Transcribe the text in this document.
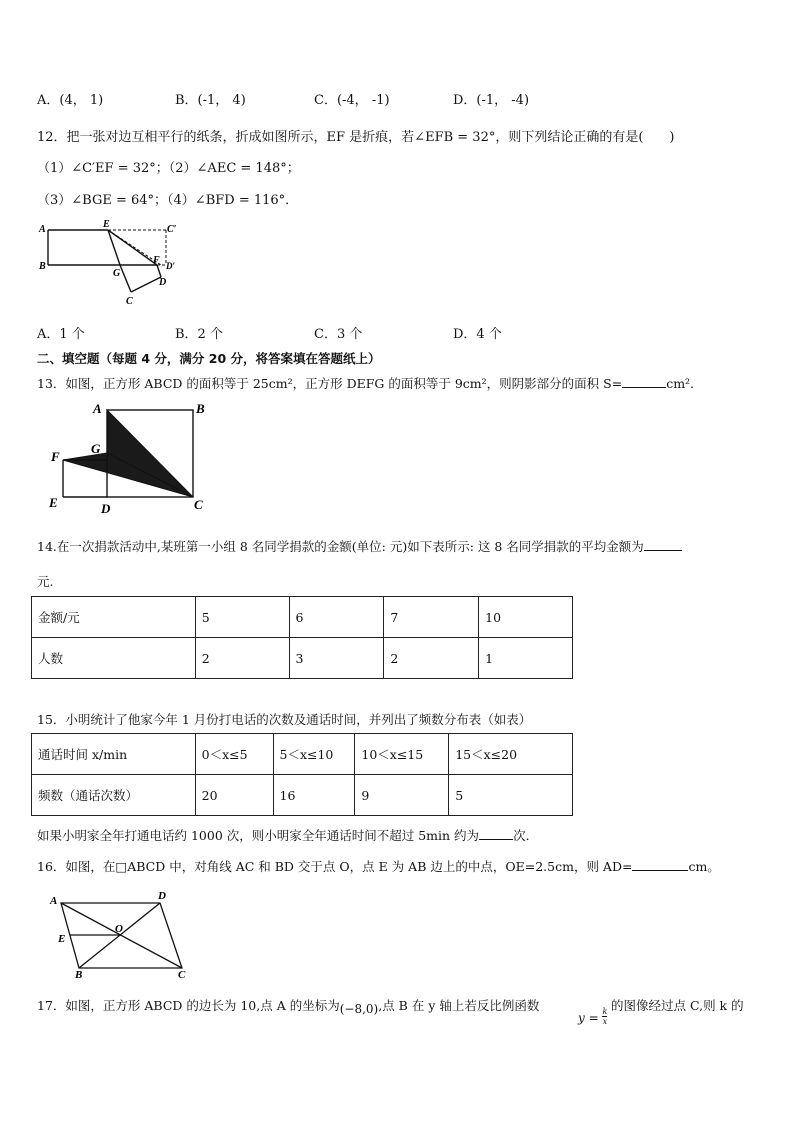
A．(4， 1)	B．(-1， 4)	C．(-4， -1)	D．(-1， -4)
12．把一张对边互相平行的纸条，折成如图所示，EF 是折痕，若∠EFB = 32°，则下列结论正确的有是(　　)
（1）∠C′EF = 32°；（2）∠AEC = 148°；
（3）∠BGE = 64°；（4）∠BFD = 116°．
A
B
E	C′
G
F D′
D
C
A．1 个	B．2 个	C．3 个	D．4 个
二、填空题（每题 4 分，满分 20 分，将答案填在答题纸上）
13．如图，正方形 ABCD 的面积等于 25cm²，正方形 DEFG 的面积等于 9cm²，则阴影部分的面积 S=	cm².
A	B
G
F
E	D	C
14.在一次捐款活动中,某班第一小组 8 名同学捐款的金额(单位: 元)如下表所示: 这 8 名同学捐款的平均金额为
元.
金额/元	5	6	7	10
人数	2	3	2	1
15．小明统计了他家今年 1 月份打电话的次数及通话时间，并列出了频数分布表（如表）
通话时间 x/min	0＜x≤5	5＜x≤10	10＜x≤15	15＜x≤20
频数（通话次数）	20	16	9	5
如果小明家全年打通电话约 1000 次，则小明家全年通话时间不超过 5min 约为	次．
16．如图，在□ABCD 中，对角线 AC 和 BD 交于点 O，点 E 为 AB 边上的中点，OE=2.5cm，则 AD=	cm。
A	D
E
O
B	C
17．如图，正方形 ABCD 的边长为 10,点 A 的坐标为(−8,0),点 B 在 y 轴上若反比例函数
$y = \frac{k}{x}$
的图像经过点 C,则 k 的
